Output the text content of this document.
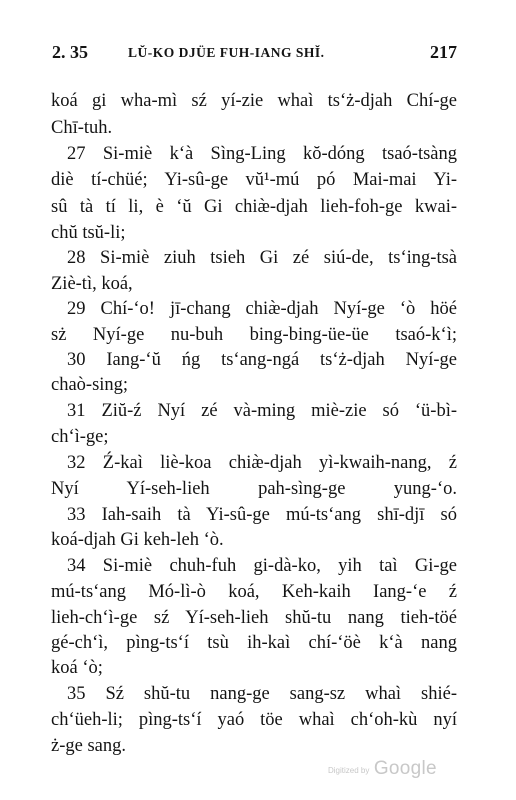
2. 35	LŬ-KO DJÜE FUH-IANG SHĬ.	217
koá gi wha-mì sź yí-zie whaì ts‘ż-djah Chí-ge
Chī-tuh.
27 Si-miè k‘à Sìng-Ling kŏ-dóng tsaó-tsàng
diè tí-chüé; Yi-sû-ge vŭ¹-mú pó Mai-mai Yi-
sû tà tí li, è ‘ŭ Gi chiæ̀-djah lieh-foh-ge kwai-
chŭ tsŭ-li;
28 Si-miè ziuh tsieh Gi zé siú-de, ts‘ing-tsà
Ziè-tì, koá,
29 Chí-‘o! jī-chang chiæ̀-djah Nyí-ge ‘ò höé
sż Nyí-ge nu-buh bing-bing-üe-üe tsaó-k‘ì;
30 Iang-‘ŭ ńg ts‘ang-ngá ts‘ż-djah Nyí-ge
chaò-sing;
31 Ziŭ-ź Nyí zé và-ming miè-zie só ‘ü-bì-
ch‘ì-ge;
32 Ź-kaì liè-koa chiæ̀-djah yì-kwaih-nang, ź
Nyí Yí-seh-lieh pah-sìng-ge yung-‘o.
33 Iah-saih tà Yi-sû-ge mú-ts‘ang shī-djī só
koá-djah Gi keh-leh ‘ò.
34 Si-miè chuh-fuh gi-dà-ko, yih taì Gi-ge
mú-ts‘ang Mó-lì-ò koá, Keh-kaih Iang-‘e ź
lieh-ch‘ì-ge sź Yí-seh-lieh shŭ-tu nang tieh-töé
gé-ch‘ì, pìng-ts‘í tsù ih-kaì chí-‘öè k‘à nang
koá ‘ò;
35 Sź shŭ-tu nang-ge sang-sz whaì shié-
ch‘üeh-li; pìng-ts‘í yaó töe whaì ch‘oh-kù nyí
ż-ge sang.
Digitized by Google
